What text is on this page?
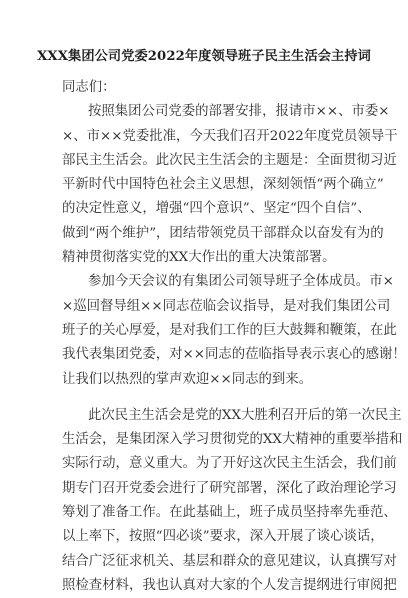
XXX集团公司党委2022年度领导班子民主生活会主持词
同志们：
按照集团公司党委的部署安排，报请市××、市委×
×、市××党委批准，今天我们召开2022年度党员领导干
部民主生活会。此次民主生活会的主题是：全面贯彻习近
平新时代中国特色社会主义思想，深刻领悟“两个确立”
的决定性意义，增强“四个意识”、坚定“四个自信”、
做到“两个维护”，团结带领党员干部群众以奋发有为的
精神贯彻落实党的XX大作出的重大决策部署。
参加今天会议的有集团公司领导班子全体成员。市×
×巡回督导组××同志莅临会议指导，是对我们集团公司
班子的关心厚爱，是对我们工作的巨大鼓舞和鞭策，在此
我代表集团党委，对××同志的莅临指导表示衷心的感谢！
让我们以热烈的掌声欢迎××同志的到来。
此次民主生活会是党的XX大胜利召开后的第一次民主
生活会，是集团深入学习贯彻党的XX大精神的重要举措和
实际行动，意义重大。为了开好这次民主生活会，我们前
期专门召开党委会进行了研究部署，深化了政治理论学习
筹划了准备工作。在此基础上，班子成员坚持率先垂范、
以上率下，按照“四必谈”要求，深入开展了谈心谈话，
结合广泛征求机关、基层和群众的意见建议，认真撰写对
照检查材料，我也认真对大家的个人发言提纲进行审阅把
